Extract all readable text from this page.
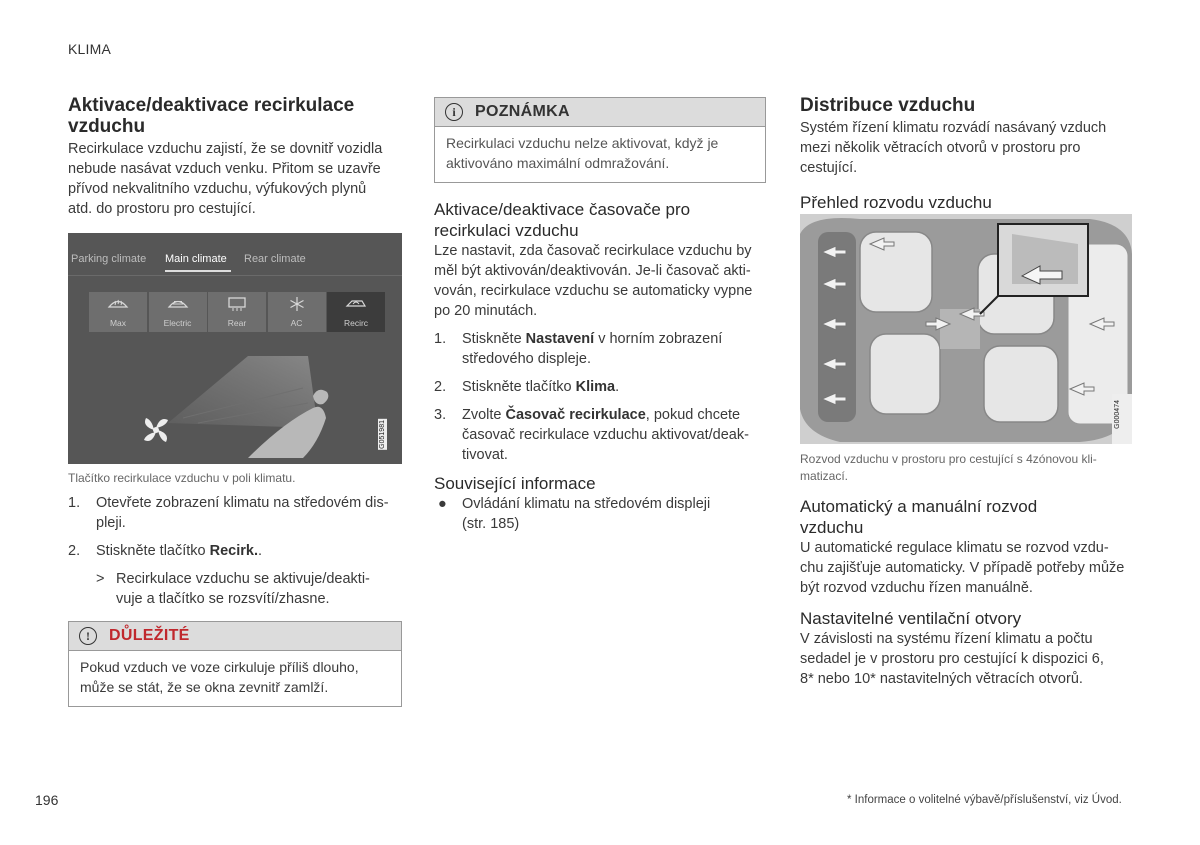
KLIMA
Aktivace/deaktivace recirkulace
vzduchu

Recirkulace vzduchu zajistí, že se dovnitř vozidla
nebude nasávat vzduch venku. Přitom se uzavře
přívod nekvalitního vzduchu, výfukových plynů
atd. do prostoru pro cestující.

Parking climate Main climate Rear climate
Max	Electric	Rear	AC	Recirc
G051981
Tlačítko recirkulace vzduchu v poli klimatu.
1. Otevřete zobrazení klimatu na středovém dis-
pleji.
2. Stiskněte tlačítko Recirk..
> Recirkulace vzduchu se aktivuje/deakti-
vuje a tlačítko se rozsvítí/zhasne.
!	DŮLEŽITÉ
Pokud vzduch ve voze cirkuluje příliš dlouho,
může se stát, že se okna zevnitř zamlží.
i	POZNÁMKA
Recirkulaci vzduchu nelze aktivovat, když je
aktivováno maximální odmražování.
Aktivace/deaktivace časovače pro
recirkulaci vzduchu

Lze nastavit, zda časovač recirkulace vzduchu by
měl být aktivován/deaktivován. Je-li časovač akti-
vován, recirkulace vzduchu se automaticky vypne
po 20 minutách.

1. Stiskněte Nastavení v horním zobrazení
středového displeje.
2. Stiskněte tlačítko Klima.
3. Zvolte Časovač recirkulace, pokud chcete
časovač recirkulace vzduchu aktivovat/deak-
tivovat.
Související informace
● Ovládání klimatu na středovém displeji
(str. 185)
Distribuce vzduchu

Systém řízení klimatu rozvádí nasávaný vzduch
mezi několik větracích otvorů v prostoru pro
cestující.

Přehled rozvodu vzduchu
G000474
Rozvod vzduchu v prostoru pro cestující s 4zónovou kli-
matizací.
Automatický a manuální rozvod
vzduchu

U automatické regulace klimatu se rozvod vzdu-
chu zajišťuje automaticky. V případě potřeby může
být rozvod vzduchu řízen manuálně.

Nastavitelné ventilační otvory

V závislosti na systému řízení klimatu a počtu
sedadel je v prostoru pro cestující k dispozici 6,
8* nebo 10* nastavitelných větracích otvorů.

196	* Informace o volitelné výbavě/příslušenství, viz Úvod.
